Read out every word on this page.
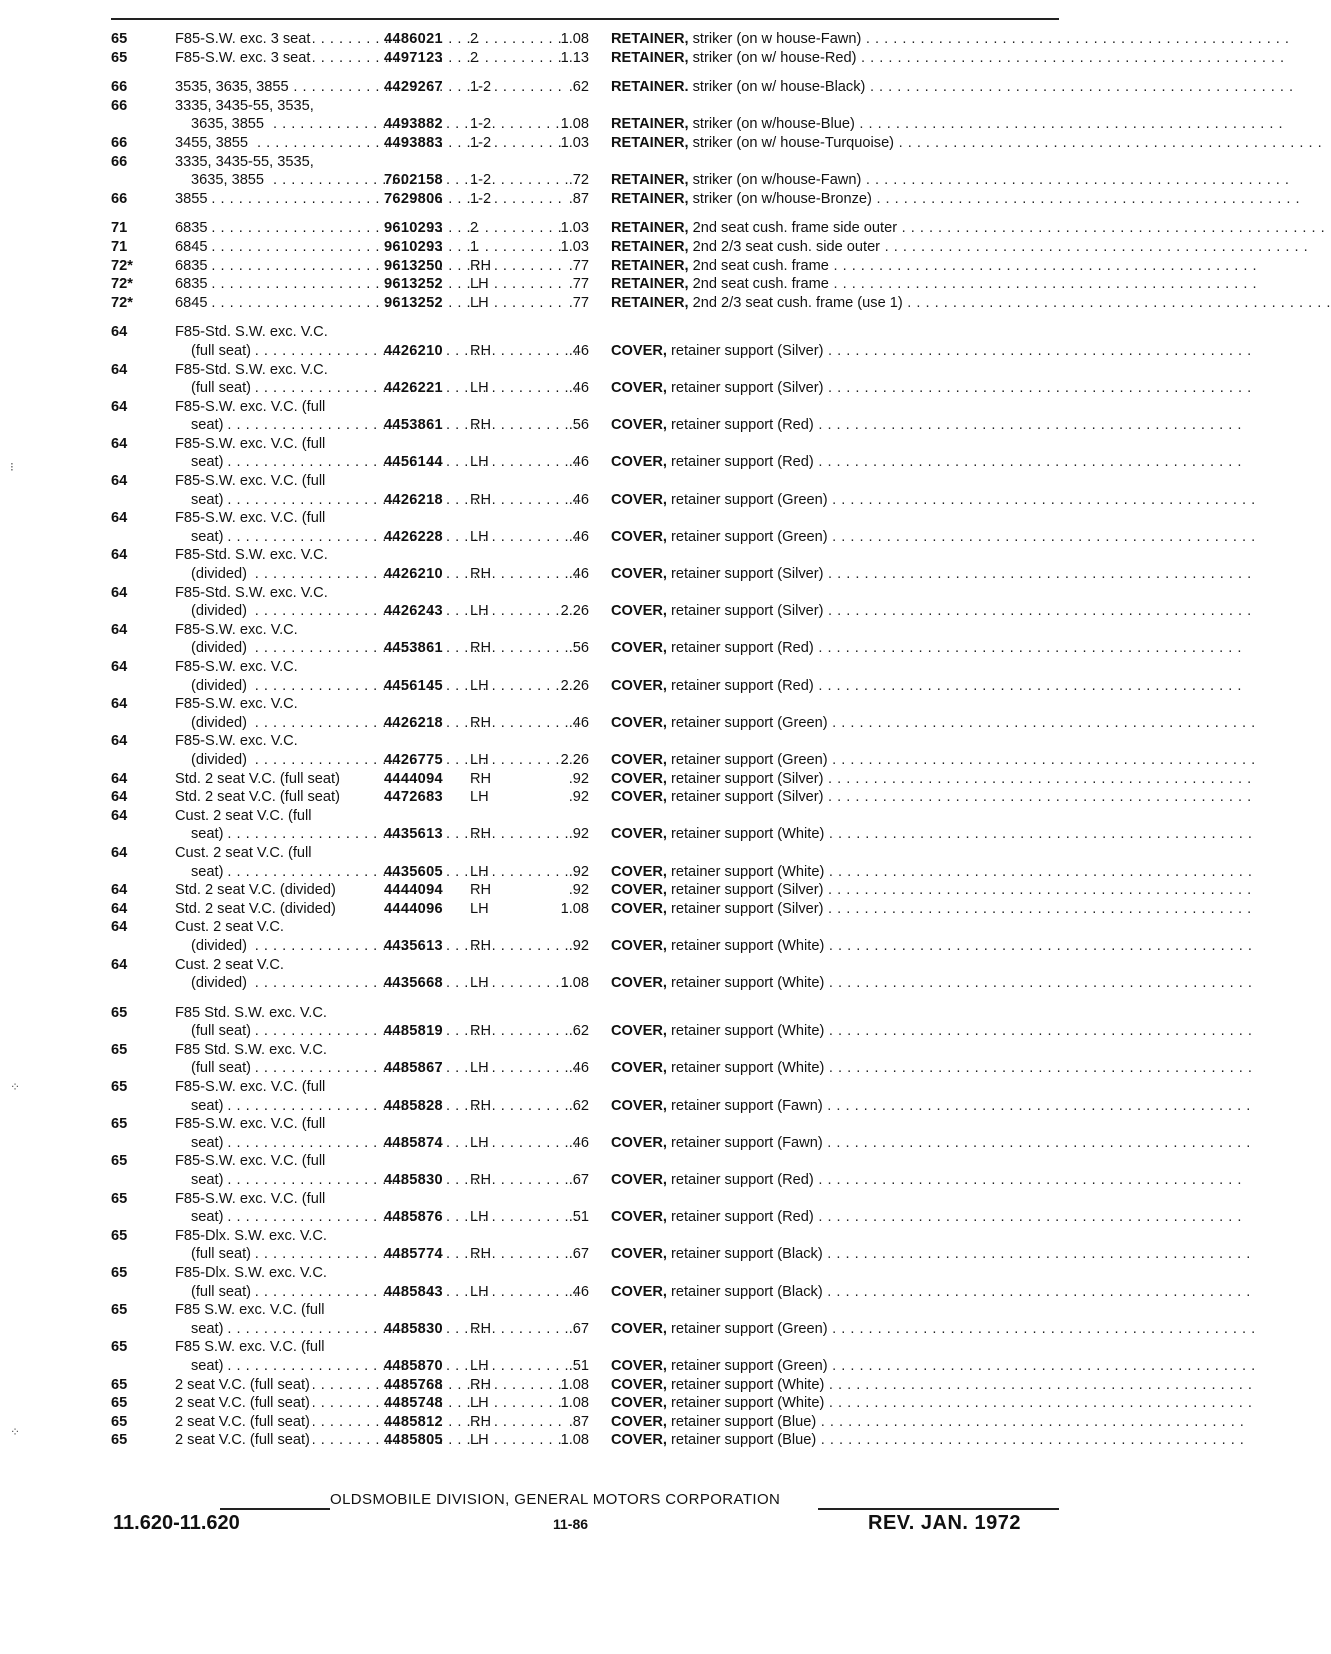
65	F85-S.W. exc. 3 seat . . .	4486021	2	1.08 RETAINER, striker (on w house-Fawn) . . . . . . . . . . . . . . . . . . . . . . . . . . . . . . . . . . . . . . . . . . . . . . .
65	F85-S.W. exc. 3 seat . . .	4497123	2	1.13 RETAINER, striker (on w/ house-Red) . . . . . . . . . . . . . . . . . . . . . . . . . . . . . . . . . . . . . . . . . . . . . . .
66	3535, 3635, 3855 . . .	4429267	1-2	.62 RETAINER. striker (on w/ house-Black) . . . . . . . . . . . . . . . . . . . . . . . . . . . . . . . . . . . . . . . . . . . . . . .
66	3335, 3435-55, 3535,
3635, 3855 . . .	4493882	1-2	1.08 RETAINER, striker (on w/house-Blue) . . . . . . . . . . . . . . . . . . . . . . . . . . . . . . . . . . . . . . . . . . . . . . .
66	3455, 3855 . . .	4493883	1-2	1.03 RETAINER, striker (on w/ house-Turquoise) . . . . . . . . . . . . . . . . . . . . . . . . . . . . . . . . . . . . . . . . . . . . . . .
66	3335, 3435-55, 3535,
3635, 3855 . . .	7602158	1-2	.72 RETAINER, striker (on w/house-Fawn) . . . . . . . . . . . . . . . . . . . . . . . . . . . . . . . . . . . . . . . . . . . . . . .
66	3855 . . .	7629806	1-2	.87 RETAINER, striker (on w/house-Bronze) . . . . . . . . . . . . . . . . . . . . . . . . . . . . . . . . . . . . . . . . . . . . . . .
71	6835 . . .	9610293	2	1.03 RETAINER, 2nd seat cush. frame side outer . . . . . . . . . . . . . . . . . . . . . . . . . . . . . . . . . . . . . . . . . . . . . . .
71	6845 . . .	9610293	1	1.03 RETAINER, 2nd 2/3 seat cush. side outer . . . . . . . . . . . . . . . . . . . . . . . . . . . . . . . . . . . . . . . . . . . . . . .
72*	6835 . . .	9613250	RH	.77 RETAINER, 2nd seat cush. frame . . . . . . . . . . . . . . . . . . . . . . . . . . . . . . . . . . . . . . . . . . . . . . .
72*	6835 . . .	9613252	LH	.77 RETAINER, 2nd seat cush. frame . . . . . . . . . . . . . . . . . . . . . . . . . . . . . . . . . . . . . . . . . . . . . . .
72*	6845 . . .	9613252	LH	.77 RETAINER, 2nd 2/3 seat cush. frame (use 1) . . . . . . . . . . . . . . . . . . . . . . . . . . . . . . . . . . . . . . . . . . . . . . .
64	F85-Std. S.W. exc. V.C.
(full seat) . . .	4426210	RH	.46 COVER, retainer support (Silver) . . . . . . . . . . . . . . . . . . . . . . . . . . . . . . . . . . . . . . . . . . . . . . .
64	F85-Std. S.W. exc. V.C.
(full seat) . . .	4426221	LH	.46 COVER, retainer support (Silver) . . . . . . . . . . . . . . . . . . . . . . . . . . . . . . . . . . . . . . . . . . . . . . .
64	F85-S.W. exc. V.C. (full
seat) . . .	4453861	RH	.56 COVER, retainer support (Red) . . . . . . . . . . . . . . . . . . . . . . . . . . . . . . . . . . . . . . . . . . . . . . .
64	F85-S.W. exc. V.C. (full
seat) . . .	4456144	LH	.46 COVER, retainer support (Red) . . . . . . . . . . . . . . . . . . . . . . . . . . . . . . . . . . . . . . . . . . . . . . .
64	F85-S.W. exc. V.C. (full
seat) . . .	4426218	RH	.46 COVER, retainer support (Green) . . . . . . . . . . . . . . . . . . . . . . . . . . . . . . . . . . . . . . . . . . . . . . .
64	F85-S.W. exc. V.C. (full
seat) . . .	4426228	LH	.46 COVER, retainer support (Green) . . . . . . . . . . . . . . . . . . . . . . . . . . . . . . . . . . . . . . . . . . . . . . .
64	F85-Std. S.W. exc. V.C.
(divided) . . .	4426210	RH	.46 COVER, retainer support (Silver) . . . . . . . . . . . . . . . . . . . . . . . . . . . . . . . . . . . . . . . . . . . . . . .
64	F85-Std. S.W. exc. V.C.
(divided) . . .	4426243	LH	2.26 COVER, retainer support (Silver) . . . . . . . . . . . . . . . . . . . . . . . . . . . . . . . . . . . . . . . . . . . . . . .
64	F85-S.W. exc. V.C.
(divided) . . .	4453861	RH	.56 COVER, retainer support (Red) . . . . . . . . . . . . . . . . . . . . . . . . . . . . . . . . . . . . . . . . . . . . . . .
64	F85-S.W. exc. V.C.
(divided) . . .	4456145	LH	2.26 COVER, retainer support (Red) . . . . . . . . . . . . . . . . . . . . . . . . . . . . . . . . . . . . . . . . . . . . . . .
64	F85-S.W. exc. V.C.
(divided) . . .	4426218	RH	.46 COVER, retainer support (Green) . . . . . . . . . . . . . . . . . . . . . . . . . . . . . . . . . . . . . . . . . . . . . . .
64	F85-S.W. exc. V.C.
(divided) . . .	4426775	LH	2.26 COVER, retainer support (Green) . . . . . . . . . . . . . . . . . . . . . . . . . . . . . . . . . . . . . . . . . . . . . . .
64	Std. 2 seat V.C. (full seat)	4444094	RH	.92 COVER, retainer support (Silver) . . . . . . . . . . . . . . . . . . . . . . . . . . . . . . . . . . . . . . . . . . . . . . .
64	Std. 2 seat V.C. (full seat)	4472683	LH	.92 COVER, retainer support (Silver) . . . . . . . . . . . . . . . . . . . . . . . . . . . . . . . . . . . . . . . . . . . . . . .
64	Cust. 2 seat V.C. (full
seat) . . .	4435613	RH	.92 COVER, retainer support (White) . . . . . . . . . . . . . . . . . . . . . . . . . . . . . . . . . . . . . . . . . . . . . . .
64	Cust. 2 seat V.C. (full
seat) . . .	4435605	LH	.92 COVER, retainer support (White) . . . . . . . . . . . . . . . . . . . . . . . . . . . . . . . . . . . . . . . . . . . . . . .
64	Std. 2 seat V.C. (divided)	4444094	RH	.92 COVER, retainer support (Silver) . . . . . . . . . . . . . . . . . . . . . . . . . . . . . . . . . . . . . . . . . . . . . . .
64	Std. 2 seat V.C. (divided)	4444096	LH	1.08 COVER, retainer support (Silver) . . . . . . . . . . . . . . . . . . . . . . . . . . . . . . . . . . . . . . . . . . . . . . .
64	Cust. 2 seat V.C.
(divided) . . .	4435613	RH	.92 COVER, retainer support (White) . . . . . . . . . . . . . . . . . . . . . . . . . . . . . . . . . . . . . . . . . . . . . . .
64	Cust. 2 seat V.C.
(divided) . . .	4435668	LH	1.08 COVER, retainer support (White) . . . . . . . . . . . . . . . . . . . . . . . . . . . . . . . . . . . . . . . . . . . . . . .
65	F85 Std. S.W. exc. V.C.
(full seat) . . .	4485819	RH	.62 COVER, retainer support (White) . . . . . . . . . . . . . . . . . . . . . . . . . . . . . . . . . . . . . . . . . . . . . . .
65	F85 Std. S.W. exc. V.C.
(full seat) . . .	4485867	LH	.46 COVER, retainer support (White) . . . . . . . . . . . . . . . . . . . . . . . . . . . . . . . . . . . . . . . . . . . . . . .
65	F85-S.W. exc. V.C. (full
seat) . . .	4485828	RH	.62 COVER, retainer support (Fawn) . . . . . . . . . . . . . . . . . . . . . . . . . . . . . . . . . . . . . . . . . . . . . . .
65	F85-S.W. exc. V.C. (full
seat) . . .	4485874	LH	.46 COVER, retainer support (Fawn) . . . . . . . . . . . . . . . . . . . . . . . . . . . . . . . . . . . . . . . . . . . . . . .
65	F85-S.W. exc. V.C. (full
seat) . . .	4485830	RH	.67 COVER, retainer support (Red) . . . . . . . . . . . . . . . . . . . . . . . . . . . . . . . . . . . . . . . . . . . . . . .
65	F85-S.W. exc. V.C. (full
seat) . . .	4485876	LH	.51 COVER, retainer support (Red) . . . . . . . . . . . . . . . . . . . . . . . . . . . . . . . . . . . . . . . . . . . . . . .
65	F85-Dlx. S.W. exc. V.C.
(full seat) . . .	4485774	RH	.67 COVER, retainer support (Black) . . . . . . . . . . . . . . . . . . . . . . . . . . . . . . . . . . . . . . . . . . . . . . .
65	F85-Dlx. S.W. exc. V.C.
(full seat) . . .	4485843	LH	.46 COVER, retainer support (Black) . . . . . . . . . . . . . . . . . . . . . . . . . . . . . . . . . . . . . . . . . . . . . . .
65	F85 S.W. exc. V.C. (full
seat) . . .	4485830	RH	.67 COVER, retainer support (Green) . . . . . . . . . . . . . . . . . . . . . . . . . . . . . . . . . . . . . . . . . . . . . . .
65	F85 S.W. exc. V.C. (full
seat) . . .	4485870	LH	.51 COVER, retainer support (Green) . . . . . . . . . . . . . . . . . . . . . . . . . . . . . . . . . . . . . . . . . . . . . . .
65	2 seat V.C. (full seat) . . .	4485768	RH	1.08 COVER, retainer support (White) . . . . . . . . . . . . . . . . . . . . . . . . . . . . . . . . . . . . . . . . . . . . . . .
65	2 seat V.C. (full seat) . . .	4485748	LH	1.08 COVER, retainer support (White) . . . . . . . . . . . . . . . . . . . . . . . . . . . . . . . . . . . . . . . . . . . . . . .
65	2 seat V.C. (full seat) . . .	4485812	RH	.87 COVER, retainer support (Blue) . . . . . . . . . . . . . . . . . . . . . . . . . . . . . . . . . . . . . . . . . . . . . . .
65	2 seat V.C. (full seat) . . .	4485805	LH	1.08 COVER, retainer support (Blue) . . . . . . . . . . . . . . . . . . . . . . . . . . . . . . . . . . . . . . . . . . . . . . .
OLDSMOBILE DIVISION, GENERAL MOTORS CORPORATION
11.620-11.620	11-86	REV. JAN. 1972
⁝
⁘
⁘
